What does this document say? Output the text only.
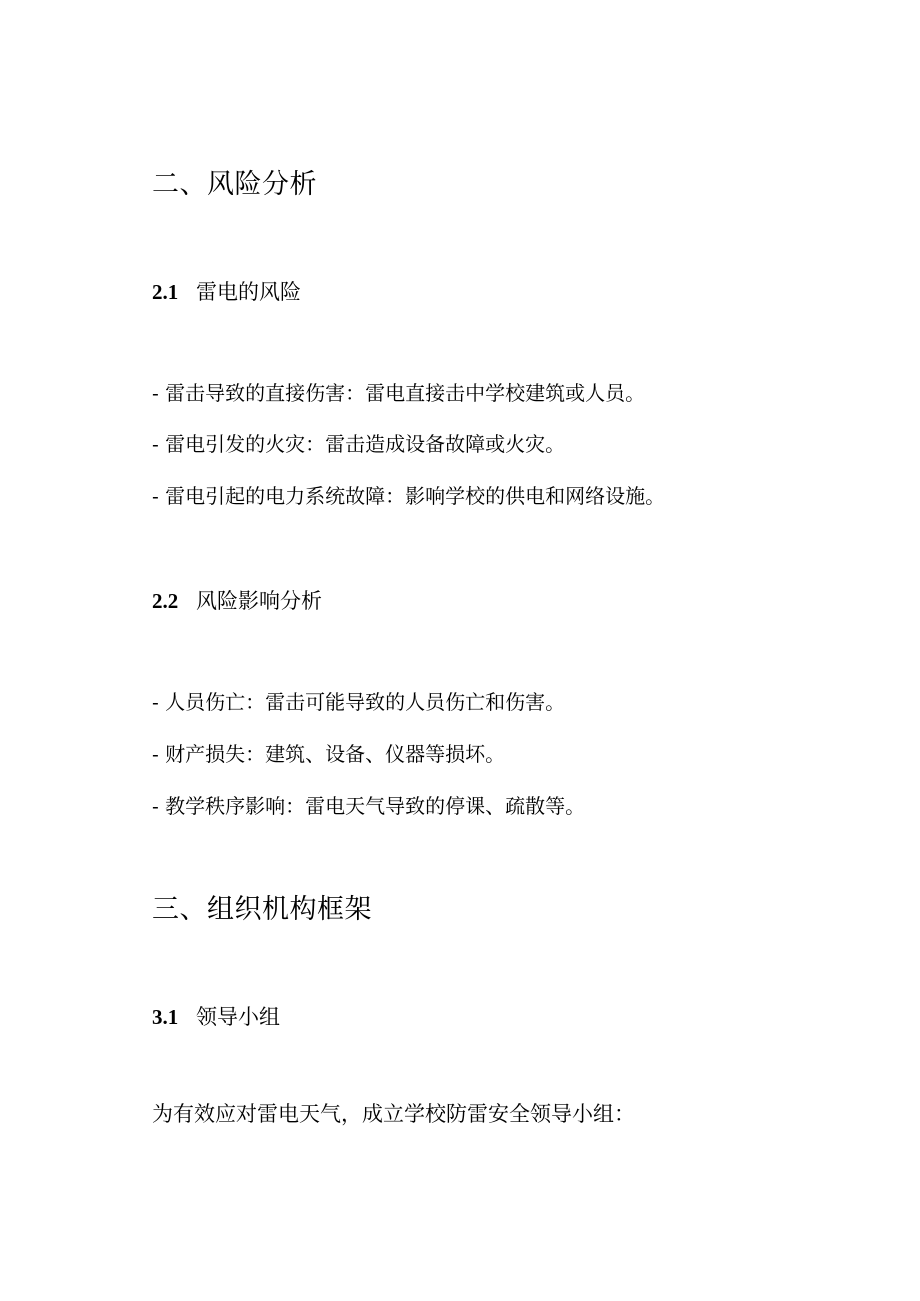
二、风险分析
2.1 雷电的风险
- 雷击导致的直接伤害：雷电直接击中学校建筑或人员。
- 雷电引发的火灾：雷击造成设备故障或火灾。
- 雷电引起的电力系统故障：影响学校的供电和网络设施。
2.2 风险影响分析
- 人员伤亡：雷击可能导致的人员伤亡和伤害。
- 财产损失：建筑、设备、仪器等损坏。
- 教学秩序影响：雷电天气导致的停课、疏散等。
三、组织机构框架
3.1 领导小组
为有效应对雷电天气，成立学校防雷安全领导小组：
